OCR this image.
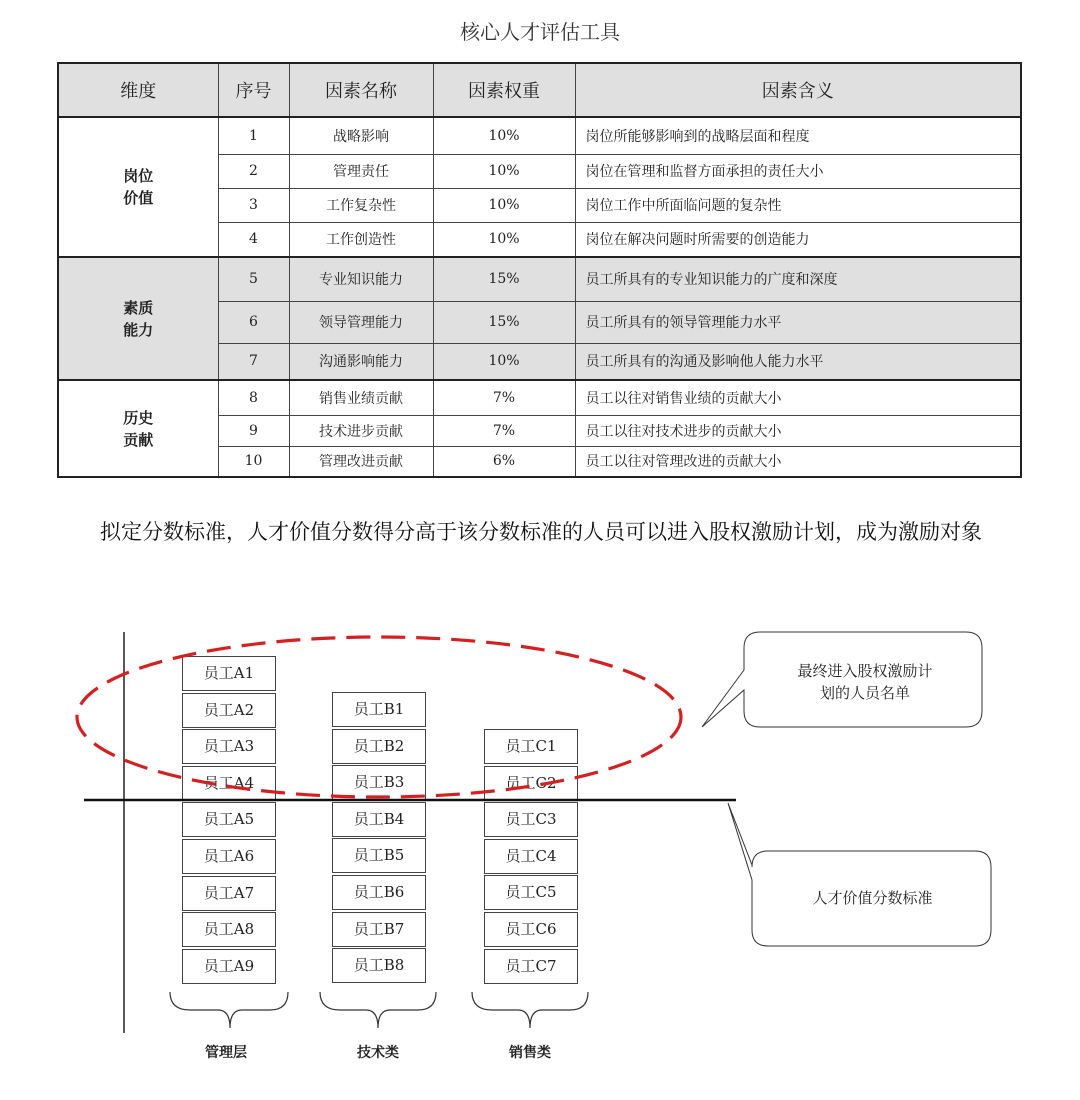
核心人才评估工具
维度	序号	因素名称	因素权重	因素含义

岗位
价值	1	战略影响	10%	岗位所能够影响到的战略层面和程度
	2	管理责任	10%	岗位在管理和监督方面承担的责任大小
	3	工作复杂性	10%	岗位工作中所面临问题的复杂性
	4	工作创造性	10%	岗位在解决问题时所需要的创造能力

素质
能力	5	专业知识能力	15%	员工所具有的专业知识能力的广度和深度
	6	领导管理能力	15%	员工所具有的领导管理能力水平
	7	沟通影响能力	10%	员工所具有的沟通及影响他人能力水平

历史
贡献	8	销售业绩贡献	7%	员工以往对销售业绩的贡献大小
	9	技术进步贡献	7%	员工以往对技术进步的贡献大小
	10	管理改进贡献	6%	员工以往对管理改进的贡献大小
拟定分数标准，人才价值分数得分高于该分数标准的人员可以进入股权激励计划，成为激励对象
员工A1
员工A2
员工A3
员工A4
员工A5
员工A6
员工A7
员工A8
员工A9
员工B1
员工B2
员工B3
员工B4
员工B5
员工B6
员工B7
员工B8
员工C1
员工C2
员工C3
员工C4
员工C5
员工C6
员工C7
最终进入股权激励计
划的人员名单
人才价值分数标准
管理层	技术类	销售类
